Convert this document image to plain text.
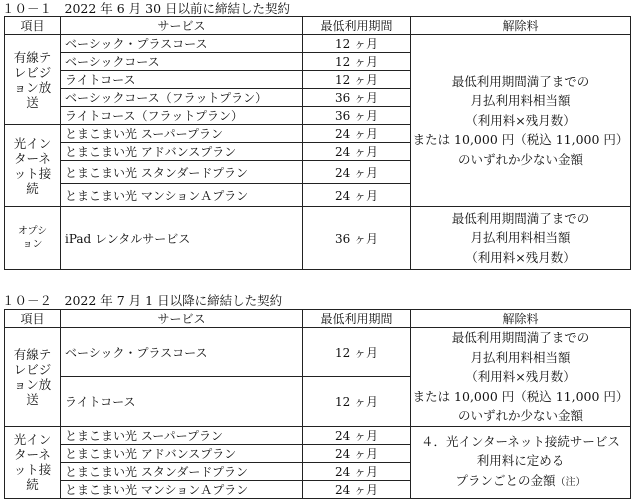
１０－１　2022 年 6 月 30 日以前に締結した契約
項目	サービス	最低利用期間	解除料
有線テ
レビジ
ョン放
送	ベーシック・プラスコース	12 ヶ月	最低利用期間満了までの
月払利用料相当額
（利用料×残月数）
または 10,000 円（税込 11,000 円）
のいずれか少ない金額

	ベーシックコース	12 ヶ月	
	ライトコース	12 ヶ月	
	ベーシックコース（フラットプラン）	36 ヶ月	
	ライトコース（フラットプラン）	36 ヶ月	
光イン
ターネ
ット接
続	とまこまい光 スーパープラン	24 ヶ月	
	とまこまい光 アドバンスプラン	24 ヶ月	
	とまこまい光 スタンダードプラン	24 ヶ月	
	とまこまい光 マンションＡプラン	24 ヶ月	
オプシ
ョン	iPad レンタルサービス	36 ヶ月	最低利用期間満了までの
月払利用料相当額
（利用料×残月数）
１０－２　2022 年 7 月 1 日以降に締結した契約
項目	サービス	最低利用期間	解除料
有線テ
レビジ
ョン放
送	ベーシック・プラスコース	12 ヶ月	最低利用期間満了までの
月払利用料相当額
（利用料×残月数）
または 10,000 円（税込 11,000 円）
のいずれか少ない金額

	ライトコース	12 ヶ月	
光イン
ターネ
ット接
続	とまこまい光 スーパープラン	24 ヶ月	４．光インターネット接続サービス
利用料に定める
プランごとの金額（注）

	とまこまい光 アドバンスプラン	24 ヶ月	
	とまこまい光 スタンダードプラン	24 ヶ月	
	とまこまい光 マンションＡプラン	24 ヶ月	
